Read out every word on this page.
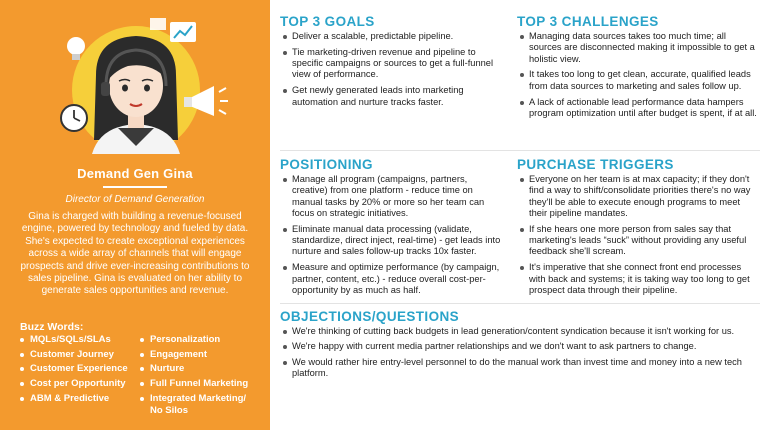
Demand Gen Gina
Director of Demand Generation
Gina is charged with building a revenue-focused engine, powered by technology and fueled by data. She's expected to create exceptional experiences across a wide array of channels that will engage prospects and drive ever-increasing contributions to sales pipeline. Gina is evaluated on her ability to generate sales opportunities and revenue.
Buzz Words:
MQLs/SQLs/SLAs
Customer Journey
Customer Experience
Cost per Opportunity
ABM & Predictive
Personalization
Engagement
Nurture
Full Funnel Marketing
Integrated Marketing/ No Silos
TOP 3 GOALS
Deliver a scalable, predictable pipeline.
Tie marketing-driven revenue and pipeline to specific campaigns or sources to get a full-funnel view of performance.
Get newly generated leads into marketing automation and nurture tracks faster.
TOP 3 CHALLENGES
Managing data sources takes too much time; all sources are disconnected making it impossible to get a holistic view.
It takes too long to get clean, accurate, qualified leads from data sources to marketing and sales follow up.
A lack of actionable lead performance data hampers program optimization until after budget is spent, if at all.
POSITIONING
Manage all program (campaigns, partners, creative) from one platform - reduce time on manual tasks by 20% or more so her team can focus on strategic initiatives.
Eliminate manual data processing (validate, standardize, direct inject, real-time) - get leads into nurture and sales follow-up tracks 10x faster.
Measure and optimize performance (by campaign, partner, content, etc.) - reduce overall cost-per-opportunity by as much as half.
PURCHASE TRIGGERS
Everyone on her team is at max capacity; if they don't find a way to shift/consolidate priorities there's no way they'll be able to execute enough programs to meet their pipeline mandates.
If she hears one more person from sales say that marketing's leads “suck” without providing any useful feedback she'll scream.
It's imperative that she connect front end processes with back and systems; it is taking way too long to get prospect data through their pipeline.
OBJECTIONS/QUESTIONS
We're thinking of cutting back budgets in lead generation/content syndication because it isn't working for us.
We're happy with current media partner relationships and we don't want to ask partners to change.
We would rather hire entry-level personnel to do the manual work than invest time and money into a new tech platform.
